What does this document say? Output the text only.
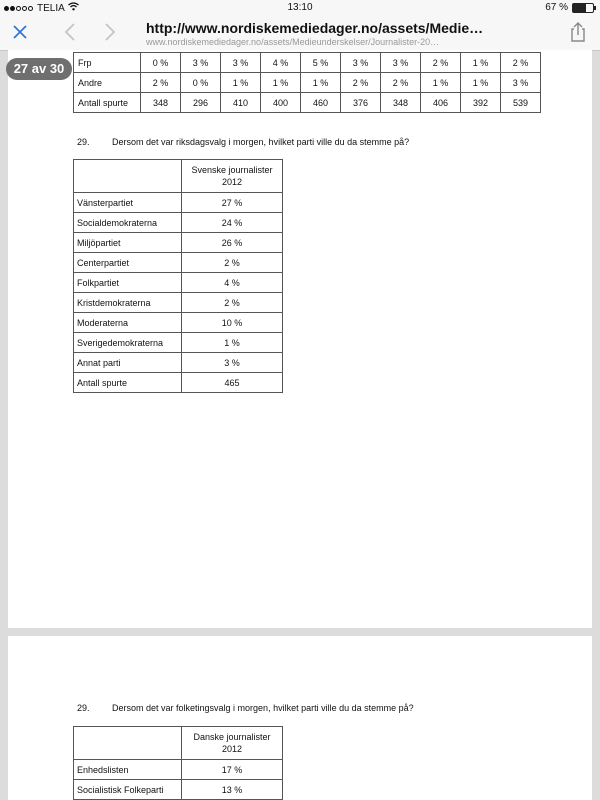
TELIA	13:10	67 %
http://www.nordiskemediedager.no/assets/Medie…
www.nordiskemediedager.no/assets/Medieunderskelser/Journalister-20…
27 av 30	Frp	0 %	3 %	3 %	4 %	5 %	3 %	3 %	2 %	1 %	2 %
Andre	2 %	0 %	1 %	1 %	1 %	2 %	2 %	1 %	1 %	3 %
Antall spurte	348	296	410	400	460	376	348	406	392	539
29. Dersom det var riksdagsvalg i morgen, hvilket parti ville du da stemme på?

	Svenske journalister
2012

Vänsterpartiet	27 %
Socialdemokraterna	24 %
Miljöpartiet	26 %
Centerpartiet	2 %
Folkpartiet	4 %
Kristdemokraterna	2 %
Moderaterna	10 %
Sverigedemokraterna	1 %
Annat parti	3 %
Antall spurte	465
29. Dersom det var folketingsvalg i morgen, hvilket parti ville du da stemme på?

	Danske journalister
2012

Enhedslisten	17 %
Socialistisk Folkeparti	13 %
